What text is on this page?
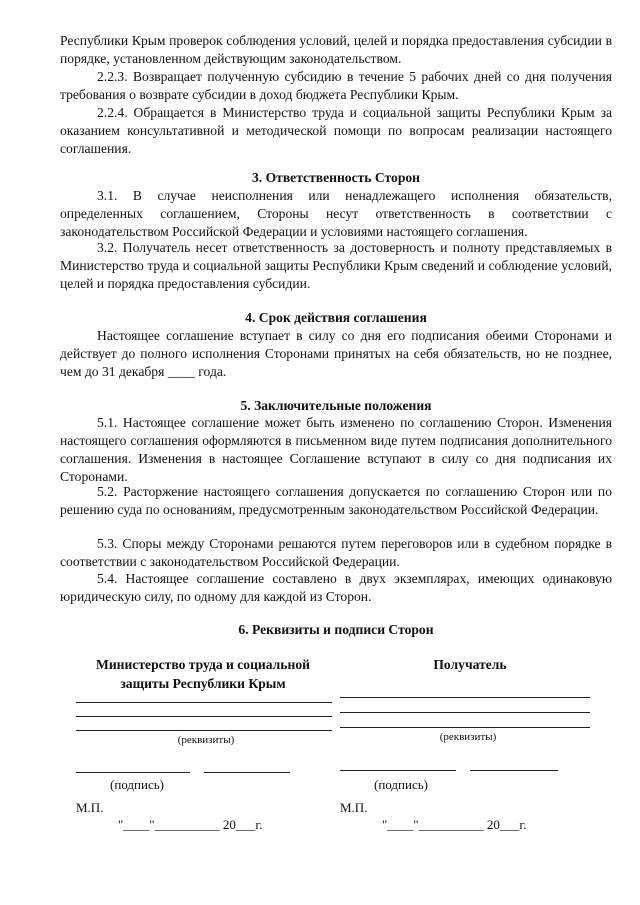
Республики Крым проверок соблюдения условий, целей и порядка предоставления субсидии в порядке, установленном действующим законодательством.

2.2.3. Возвращает полученную субсидию в течение 5 рабочих дней со дня получения требования о возврате субсидии в доход бюджета Республики Крым.

2.2.4. Обращается в Министерство труда и социальной защиты Республики Крым за оказанием консультативной и методической помощи по вопросам реализации настоящего соглашения.

3. Ответственность Сторон

3.1. В случае неисполнения или ненадлежащего исполнения обязательств, определенных соглашением, Стороны несут ответственность в соответствии с законодательством Российской Федерации и условиями настоящего соглашения.

3.2. Получатель несет ответственность за достоверность и полноту представляемых в Министерство труда и социальной защиты Республики Крым сведений и соблюдение условий, целей и порядка предоставления субсидии.

4. Срок действия соглашения

Настоящее соглашение вступает в силу со дня его подписания обеими Сторонами и действует до полного исполнения Сторонами принятых на себя обязательств, но не позднее, чем до 31 декабря ____ года.

5. Заключительные положения

5.1. Настоящее соглашение может быть изменено по соглашению Сторон. Изменения настоящего соглашения оформляются в письменном виде путем подписания дополнительного соглашения. Изменения в настоящее Соглашение вступают в силу со дня подписания их Сторонами.

5.2. Расторжение настоящего соглашения допускается по соглашению Сторон или по решению суда по основаниям, предусмотренным законодательством Российской Федерации.

5.3. Споры между Сторонами решаются путем переговоров или в судебном порядке в соответствии с законодательством Российской Федерации.

5.4. Настоящее соглашение составлено в двух экземплярах, имеющих одинаковую юридическую силу, по одному для каждой из Сторон.

6. Реквизиты и подписи Сторон
Министерство труда и социальной защиты Республики Крым
(реквизиты)
(подпись)
М.П.
"____"__________ 20___г.
Получатель
(реквизиты)
(подпись)
М.П.
"____"__________ 20___г.
